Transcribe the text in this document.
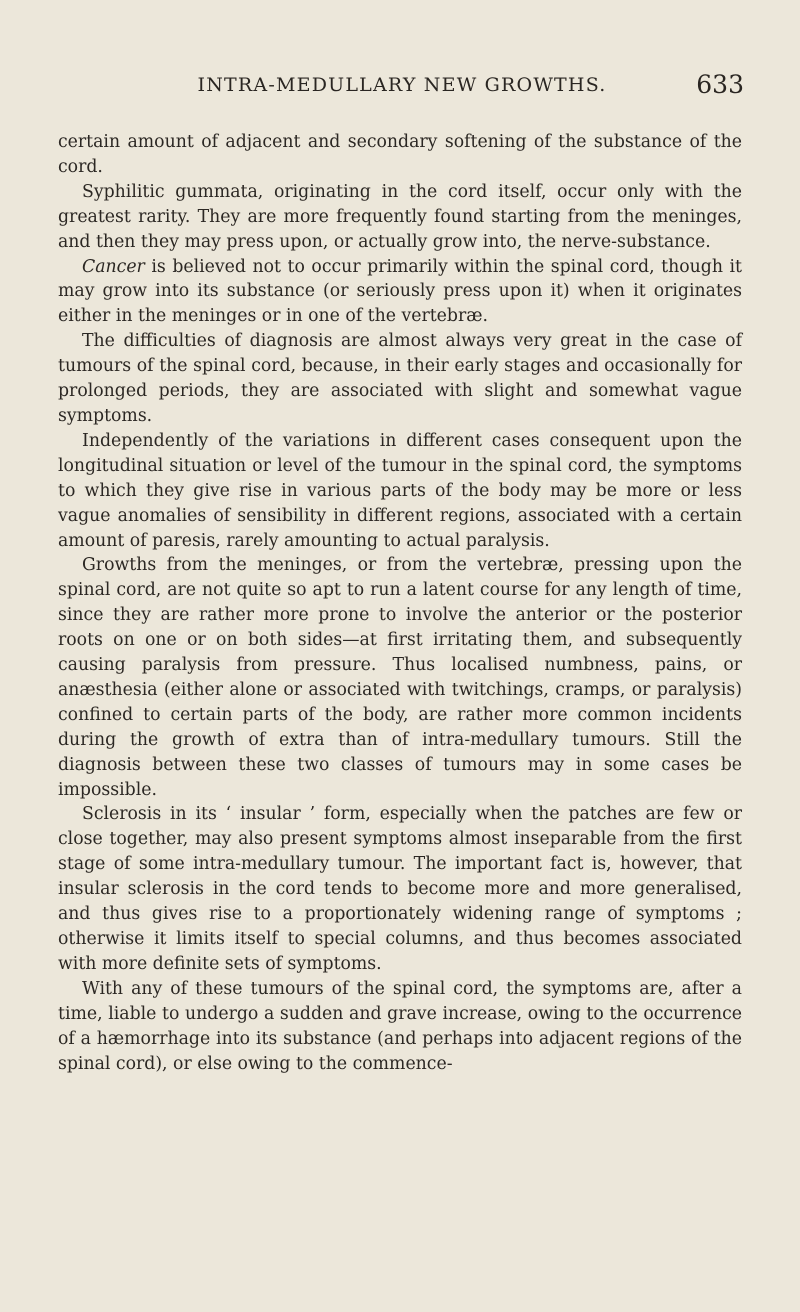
INTRA-MEDULLARY NEW GROWTHS.	633

certain amount of adjacent and secondary softening of the substance of the cord.

Syphilitic gummata, originating in the cord itself, occur only with the greatest rarity. They are more frequently found starting from the meninges, and then they may press upon, or actually grow into, the nerve-substance.

Cancer is believed not to occur primarily within the spinal cord, though it may grow into its substance (or seriously press upon it) when it originates either in the meninges or in one of the vertebræ.

The difficulties of diagnosis are almost always very great in the case of tumours of the spinal cord, because, in their early stages and occasionally for prolonged periods, they are associated with slight and somewhat vague symptoms.

Independently of the variations in different cases consequent upon the longitudinal situation or level of the tumour in the spinal cord, the symptoms to which they give rise in various parts of the body may be more or less vague anomalies of sensibility in different regions, associated with a certain amount of paresis, rarely amounting to actual paralysis.

Growths from the meninges, or from the vertebræ, pressing upon the spinal cord, are not quite so apt to run a latent course for any length of time, since they are rather more prone to involve the anterior or the posterior roots on one or on both sides—at first irritating them, and subsequently causing paralysis from pressure. Thus localised numbness, pains, or anæsthesia (either alone or associated with twitchings, cramps, or paralysis) confined to certain parts of the body, are rather more common incidents during the growth of extra than of intra-medullary tumours. Still the diagnosis between these two classes of tumours may in some cases be impossible.

Sclerosis in its ‘ insular ’ form, especially when the patches are few or close together, may also present symptoms almost inseparable from the first stage of some intra-medullary tumour. The important fact is, however, that insular sclerosis in the cord tends to become more and more generalised, and thus gives rise to a proportionately widening range of symptoms ; otherwise it limits itself to special columns, and thus becomes associated with more definite sets of symptoms.

With any of these tumours of the spinal cord, the symptoms are, after a time, liable to undergo a sudden and grave increase, owing to the occurrence of a hæmorrhage into its substance (and perhaps into adjacent regions of the spinal cord), or else owing to the commence-
